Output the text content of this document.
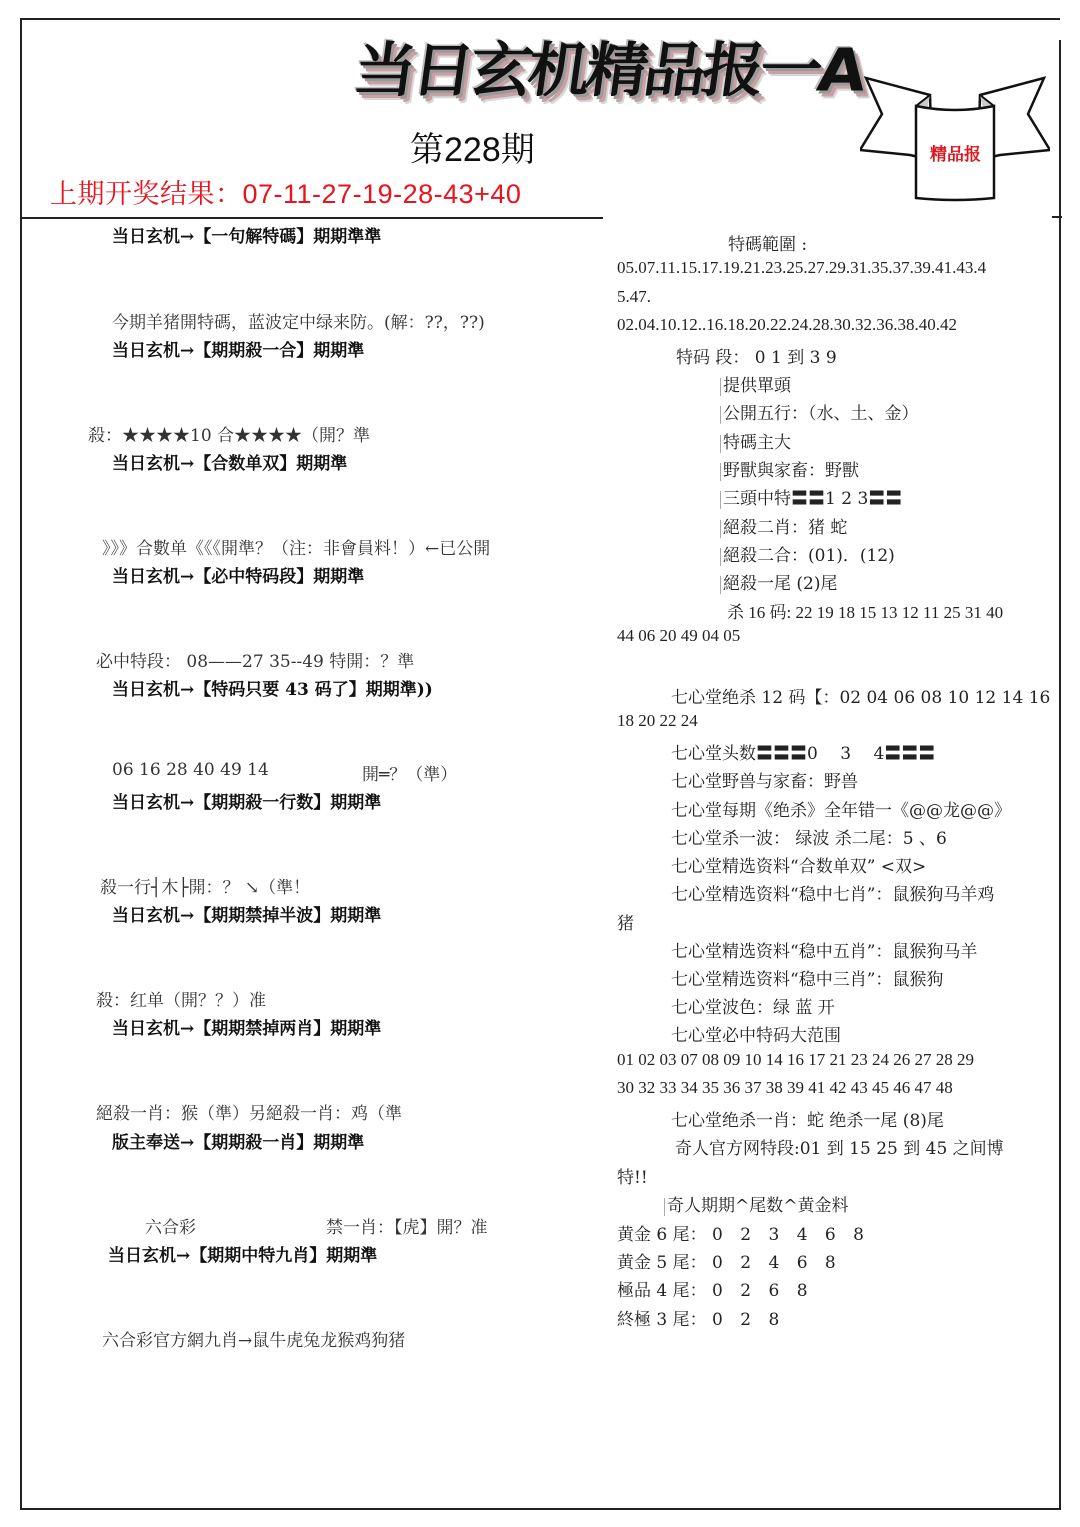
当日玄机精品报一A
精品报
第228期
上期开奖结果：07-11-27-19-28-43+40
当日玄机→【一句解特碼】期期準準
今期羊猪開特碼，蓝波定中绿来防。(解：??，??)
当日玄机→【期期殺一合】期期準
殺：★★★★10 合★★★★（開？準
当日玄机→【合数单双】期期準
》》》合數单《《《開準？（注：非會員料！）←已公開
当日玄机→【必中特码段】期期準
必中特段： 08——27 35--49 特開：？準
当日玄机→【特码只要 43 码了】期期準))
06 16 28 40 49 14	開═？（準）
当日玄机→【期期殺一行数】期期準
殺一行┤木├開：？ ↘（準！
当日玄机→【期期禁掉半波】期期準
殺：红单（開？？）准
当日玄机→【期期禁掉两肖】期期準
絕殺一肖：猴（準）另絕殺一肖：鸡（準
版主奉送→【期期殺一肖】期期準
六合彩	禁一肖：【虎】開？准
当日玄机→【期期中特九肖】期期準
六合彩官方網九肖→鼠牛虎兔龙猴鸡狗猪
特碼範圍 :
05.07.11.15.17.19.21.23.25.27.29.31.35.37.39.41.43.4
5.47.
02.04.10.12..16.18.20.22.24.28.30.32.36.38.40.42
特码 段： 0 1 到 3 9
提供單頭
公開五行：（水、土、金）
特碼主大
野獸與家畜：野獸
三頭中特〓〓1 2 3〓〓
絕殺二肖：猪 蛇
絕殺二合：(01)．(12)
絕殺一尾 (2)尾
杀 16 码: 22 19 18 15 13 12 11 25 31 40
44 06 20 49 04 05
七心堂绝杀 12 码【：02 04 06 08 10 12 14 16
18 20 22 24
七心堂头数〓〓〓0　 3　 4〓〓〓
七心堂野兽与家畜：野兽
七心堂每期《绝杀》全年错一《@@龙@@》
七心堂杀一波： 绿波 杀二尾：5 、6
七心堂精选资料“合数单双” <双>
七心堂精选资料“稳中七肖”：鼠猴狗马羊鸡
猪
七心堂精选资料“稳中五肖”：鼠猴狗马羊
七心堂精选资料“稳中三肖”：鼠猴狗
七心堂波色：绿 蓝 开
七心堂必中特码大范围
01 02 03 07 08 09 10 14 16 17 21 23 24 26 27 28 29
30 32 33 34 35 36 37 38 39 41 42 43 45 46 47 48
七心堂绝杀一肖：蛇 绝杀一尾 (8)尾
奇人官方网特段:01 到 15 25 到 45 之间博
特!!
奇人期期^尾数^黄金料
黄金 6 尾： 0 2 3 4 6 8
黄金 5 尾： 0 2 4 6 8
極品 4 尾： 0 2 6 8
終極 3 尾： 0 2 8
